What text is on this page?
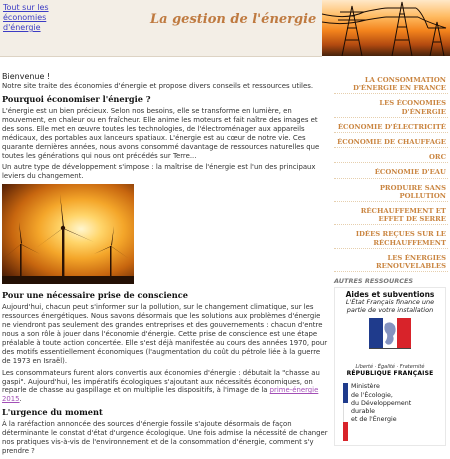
Tout sur les économies d'énergie
La gestion de l'énergie

Bienvenue !

Notre site traite des économies d'énergie et propose divers conseils et ressources utiles.

Pourquoi économiser l'énergie ?

L'énergie est un bien précieux. Selon nos besoins, elle se transforme en lumière, en mouvement, en chaleur ou en fraîcheur. Elle anime les moteurs et fait naître des images et des sons. Elle met en œuvre toutes les technologies, de l'électroménager aux appareils médicaux, des portables aux lanceurs spatiaux. L'énergie est au cœur de notre vie. Ces quarante dernières années, nous avons consommé davantage de ressources naturelles que toutes les générations qui nous ont précédés sur Terre...

Un autre type de développement s'impose : la maîtrise de l'énergie est l'un des principaux leviers du changement.

Pour une nécessaire prise de conscience

Aujourd'hui, chacun peut s'informer sur la pollution, sur le changement climatique, sur les ressources énergétiques. Nous savons désormais que les solutions aux problèmes d'énergie ne viendront pas seulement des grandes entreprises et des gouvernements : chacun d'entre nous a son rôle à jouer dans l'économie d'énergie. Cette prise de conscience est une étape préalable à toute action concertée. Elle s'est déjà manifestée au cours des années 1970, pour des motifs essentiellement économiques (l'augmentation du coût du pétrole liée à la guerre de 1973 en Israël).

Les consommateurs furent alors convertis aux économies d'énergie : débutait la "chasse au gaspi". Aujourd'hui, les impératifs écologiques s'ajoutant aux nécessités économiques, on reparle de chasse au gaspillage et on multiplie les dispositifs, à l'image de la prime-énergie 2015.

L'urgence du moment

À la raréfaction annoncée des sources d'énergie fossile s'ajoute désormais de façon déterminante le constat d'état d'urgence écologique. Une fois admise la nécessité de changer nos pratiques vis-à-vis de l'environnement et de la consommation d'énergie, comment s'y prendre ?

LA CONSOMMATION D'ÉNERGIE EN FRANCE
LES ÉCONOMIES D'ÉNERGIE
ÉCONOMIE D'ÉLECTRICITÉ
ÉCONOMIE DE CHAUFFAGE
ORC
ÉCONOMIE D'EAU
PRODUIRE SANS POLLUTION
RÉCHAUFFEMENT ET EFFET DE SERRE
IDÉES REÇUES SUR LE RÉCHAUFFEMENT
LES ÉNERGIES RENOUVELABLES
AUTRES RESSOURCES
Aides et subventions
L'État Français finance une partie de votre installation

Liberté · Égalité · Fraternité

RÉPUBLIQUE FRANÇAISE

Ministère
de l'Écologie,
du Développement
durable
et de l'Énergie
